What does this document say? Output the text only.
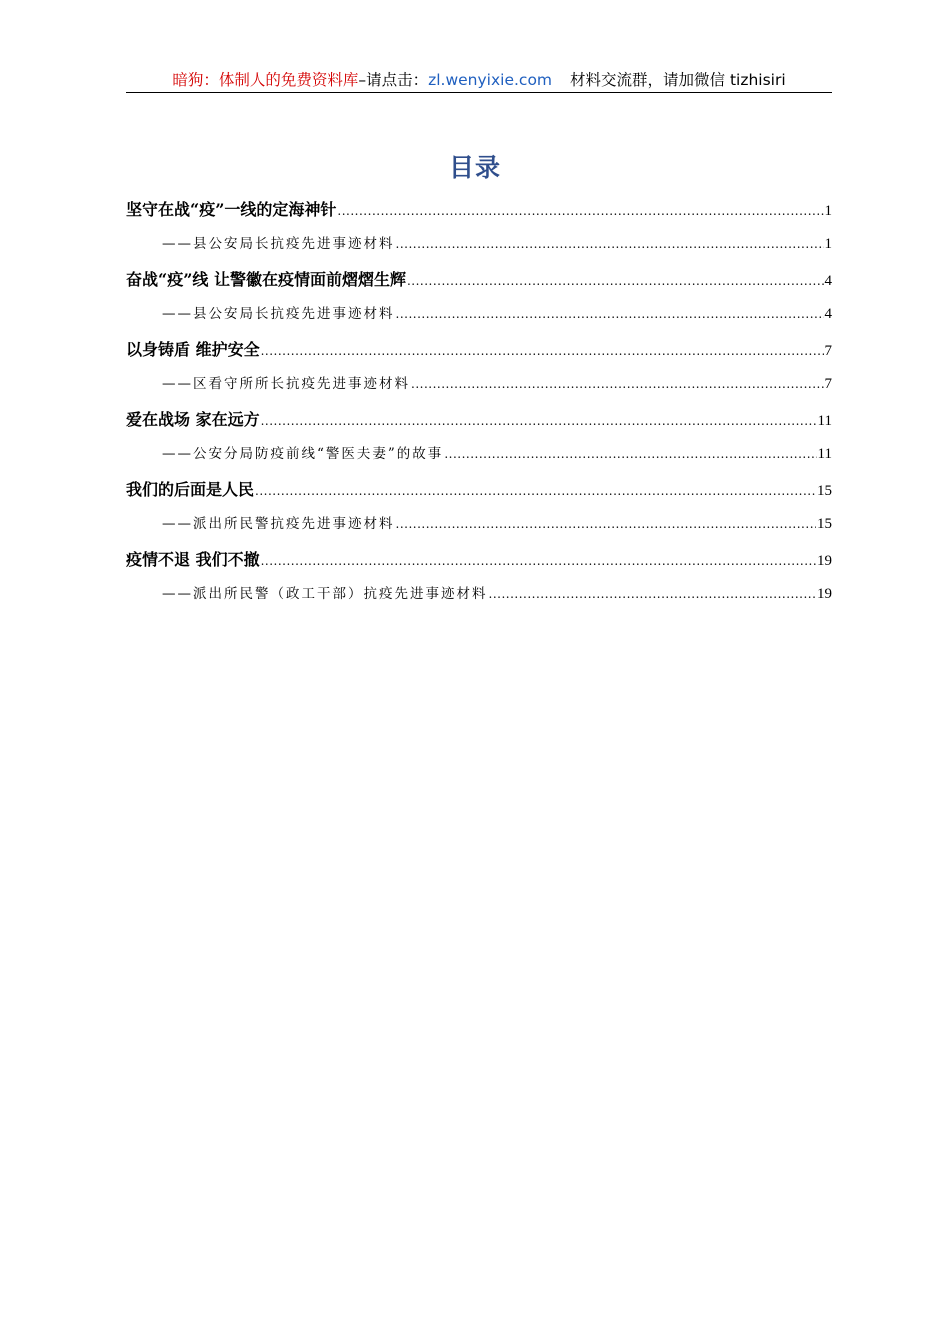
暗狗：体制人的免费资料库–请点击：zl.wenyixie.com 材料交流群，请加微信 tizhisiri
目录
坚守在战“疫”一线的定海神针 .....	1
——县公安局长抗疫先进事迹材料 .....	1
奋战“疫”线 让警徽在疫情面前熠熠生辉 .....	4
——县公安局长抗疫先进事迹材料 .....	4
以身铸盾 维护安全 .....	7
——区看守所所长抗疫先进事迹材料 .....	7
爱在战场 家在远方 .....	11
——公安分局防疫前线“警医夫妻”的故事 .....	11
我们的后面是人民 .....	15
——派出所民警抗疫先进事迹材料 .....	15
疫情不退 我们不撤 .....	19
——派出所民警（政工干部）抗疫先进事迹材料 .....	19
